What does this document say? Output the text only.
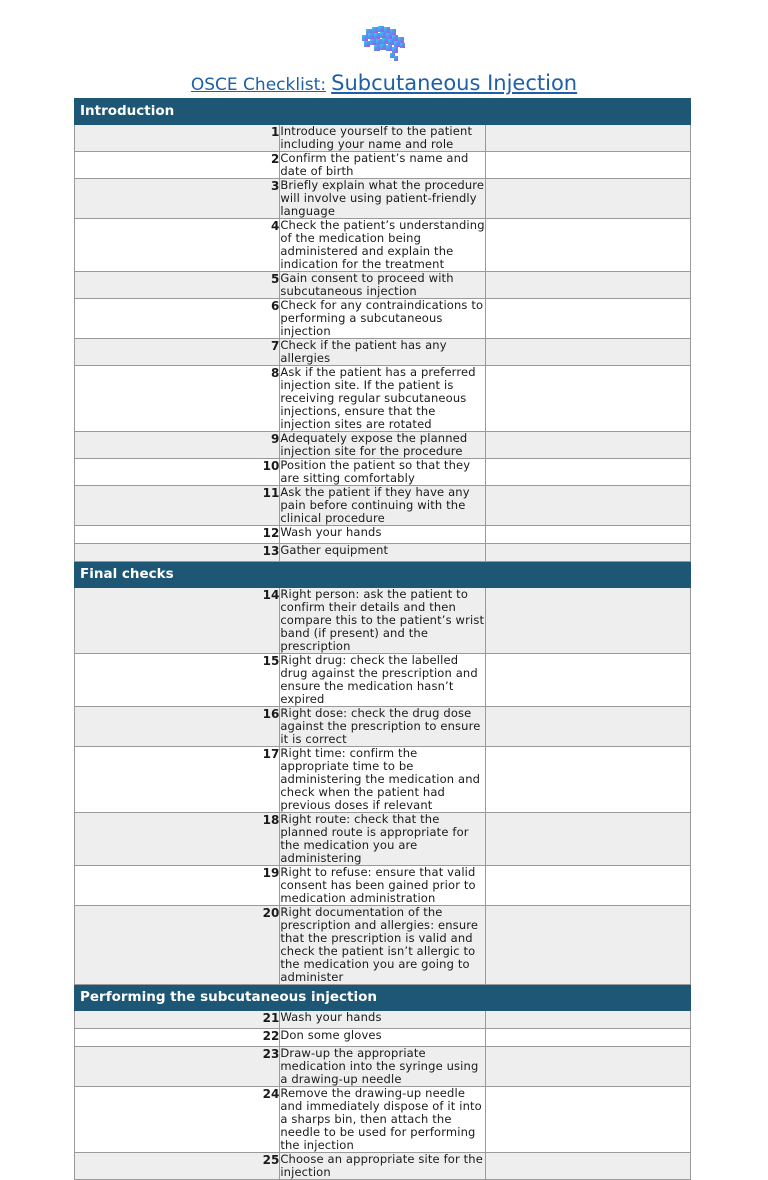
OSCE Checklist: Subcutaneous Injection
Introduction		
1	Introduce yourself to the patient including your name and role	
2	Confirm the patient’s name and date of birth	
3	Briefly explain what the procedure will involve using patient-friendly language	
4	Check the patient’s understanding of the medication being administered and explain the indication for the treatment	
5	Gain consent to proceed with subcutaneous injection	
6	Check for any contraindications to performing a subcutaneous injection	
7	Check if the patient has any allergies	
8	Ask if the patient has a preferred injection site. If the patient is receiving regular subcutaneous injections, ensure that the injection sites are rotated	
9	Adequately expose the planned injection site for the procedure	
10	Position the patient so that they are sitting comfortably	
11	Ask the patient if they have any pain before continuing with the clinical procedure	
12	Wash your hands	
13	Gather equipment	
Final checks		
14	Right person: ask the patient to confirm their details and then compare this to the patient’s wrist band (if present) and the prescription	
15	Right drug: check the labelled drug against the prescription and ensure the medication hasn’t expired	
16	Right dose: check the drug dose against the prescription to ensure it is correct	
17	Right time: confirm the appropriate time to be administering the medication and check when the patient had previous doses if relevant	
18	Right route: check that the planned route is appropriate for the medication you are administering	
19	Right to refuse: ensure that valid consent has been gained prior to medication administration	
20	Right documentation of the prescription and allergies: ensure that the prescription is valid and check the patient isn’t allergic to the medication you are going to administer	
Performing the subcutaneous injection		
21	Wash your hands	
22	Don some gloves	
23	Draw-up the appropriate medication into the syringe using a drawing-up needle	
24	Remove the drawing-up needle and immediately dispose of it into a sharps bin, then attach the needle to be used for performing the injection	
25	Choose an appropriate site for the injection	
